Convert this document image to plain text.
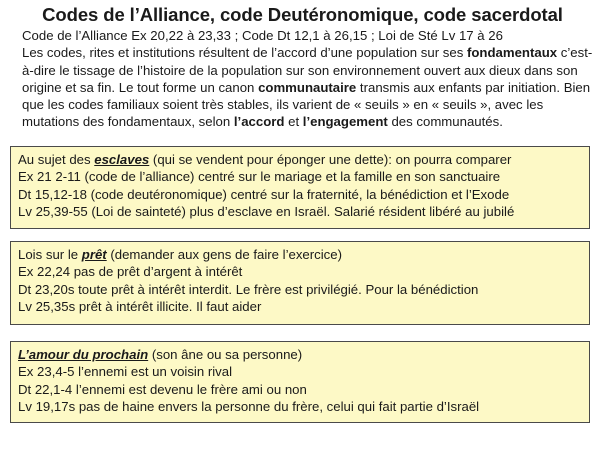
Codes de l’Alliance, code Deutéronomique, code sacerdotal

Code de l’Alliance Ex 20,22 à 23,33 ; Code Dt 12,1 à 26,15 ; Loi de Sté Lv 17 à 26

Les codes, rites et institutions résultent de l’accord d’une population sur ses fondamentaux c’est-à-dire le tissage de l’histoire de la population sur son environnement ouvert aux dieux dans son origine et sa fin. Le tout forme un canon communautaire transmis aux enfants par initiation. Bien que les codes familiaux soient très stables, ils varient de « seuils » en « seuils », avec les mutations des fondamentaux, selon l’accord et l’engagement des communautés.

Au sujet des esclaves (qui se vendent pour éponger une dette): on pourra comparer

Ex 21 2-11 (code de l’alliance) centré sur le mariage et la famille en son sanctuaire

Dt 15,12-18 (code deutéronomique) centré sur la fraternité, la bénédiction et l’Exode

Lv 25,39-55 (Loi de sainteté) plus d’esclave en Israël. Salarié résident libéré au jubilé

Lois sur le prêt (demander aux gens de faire l’exercice)

Ex 22,24 pas de prêt d’argent à intérêt

Dt 23,20s toute prêt à intérêt interdit. Le frère est privilégié. Pour la bénédiction

Lv 25,35s prêt à intérêt illicite. Il faut aider

L’amour du prochain (son âne ou sa personne)

Ex 23,4-5 l’ennemi est un voisin rival

Dt 22,1-4 l’ennemi est devenu le frère ami ou non

Lv 19,17s pas de haine envers la personne du frère, celui qui fait partie d’Israël
